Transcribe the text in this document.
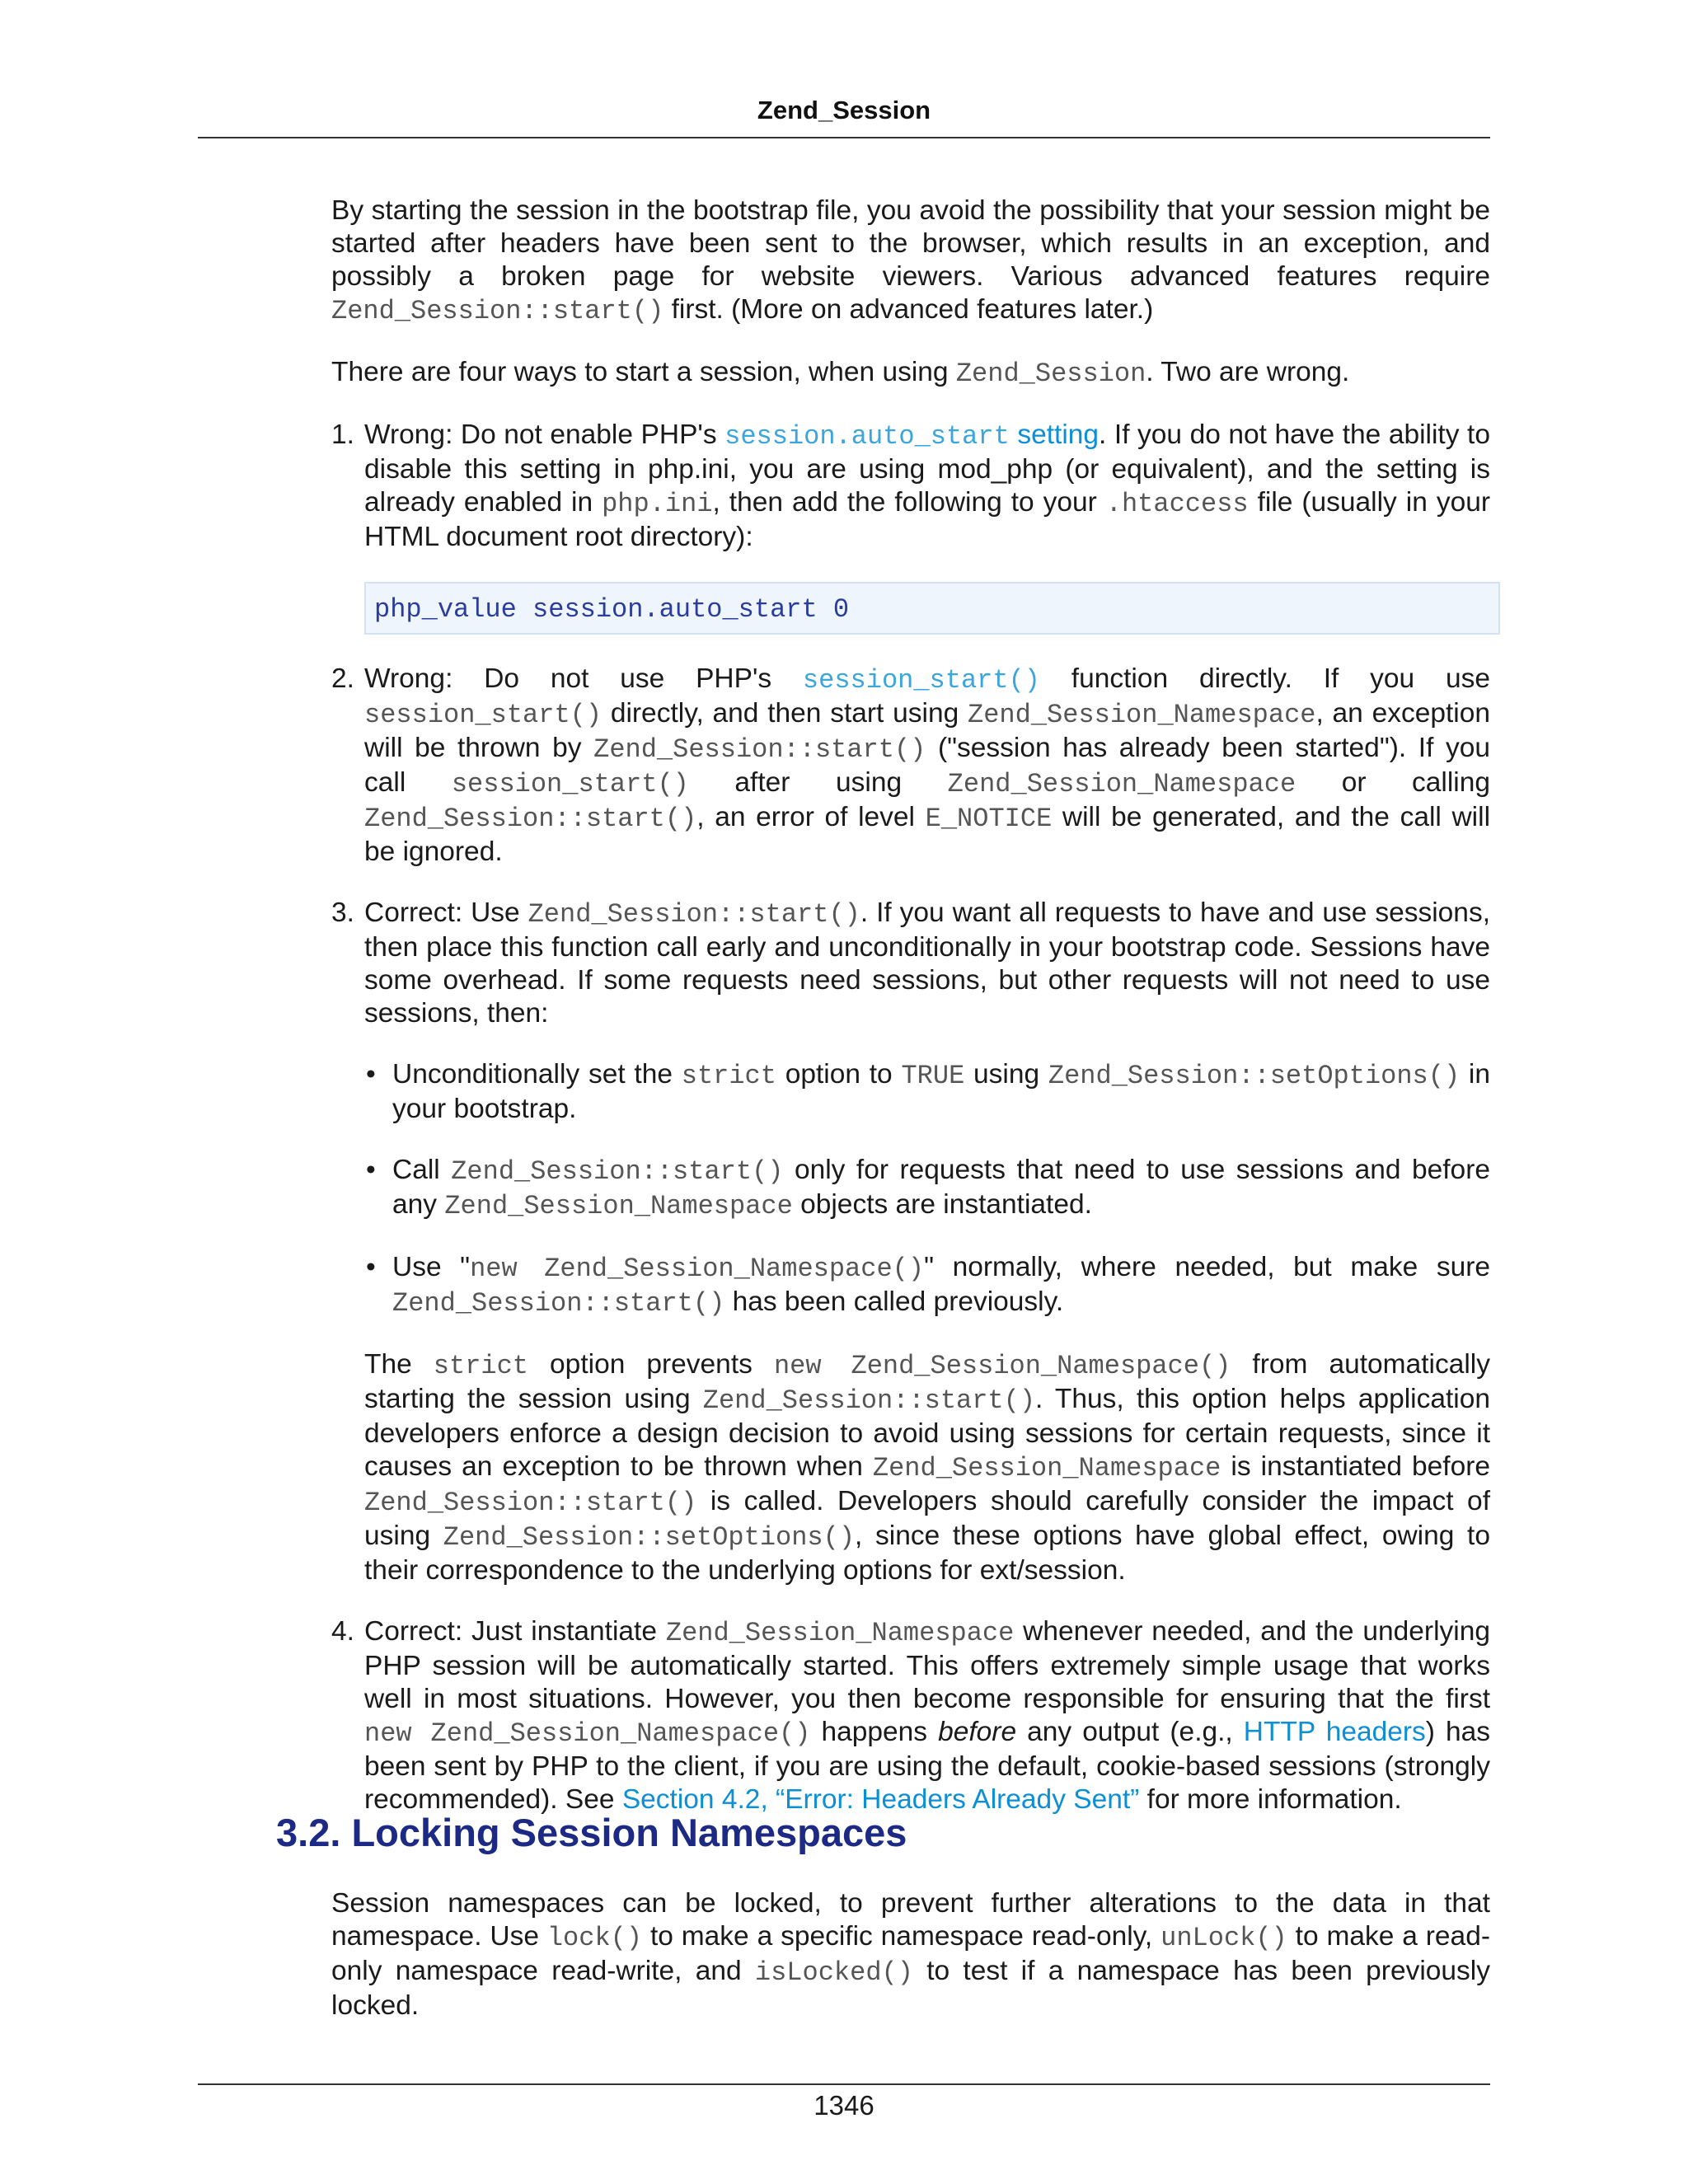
Zend_Session

By starting the session in the bootstrap file, you avoid the possibility that your session might be started after headers have been sent to the browser, which results in an exception, and possibly a broken page for website viewers. Various advanced features require Zend_Session::start() first. (More on advanced features later.)

There are four ways to start a session, when using Zend_Session. Two are wrong.

1. Wrong: Do not enable PHP's session.auto_start setting. If you do not have the ability to disable this setting in php.ini, you are using mod_php (or equivalent), and the setting is already enabled in php.ini, then add the following to your .htaccess file (usually in your HTML document root directory):

php_value session.auto_start 0
2. Wrong: Do not use PHP's session_start() function directly. If you use session_start() directly, and then start using Zend_Session_Namespace, an exception will be thrown by Zend_Session::start() ("session has already been started"). If you call session_start() after using Zend_Session_Namespace or calling Zend_Session::start(), an error of level E_NOTICE will be generated, and the call will be ignored.

3. Correct: Use Zend_Session::start(). If you want all requests to have and use sessions, then place this function call early and unconditionally in your bootstrap code. Sessions have some overhead. If some requests need sessions, but other requests will not need to use sessions, then:

• Unconditionally set the strict option to TRUE using Zend_Session::setOptions() in your bootstrap.
• Call Zend_Session::start() only for requests that need to use sessions and before any Zend_Session_Namespace objects are instantiated.
• Use "new Zend_Session_Namespace()" normally, where needed, but make sure Zend_Session::start() has been called previously.

The strict option prevents new Zend_Session_Namespace() from automatically starting the session using Zend_Session::start(). Thus, this option helps application developers enforce a design decision to avoid using sessions for certain requests, since it causes an exception to be thrown when Zend_Session_Namespace is instantiated before Zend_Session::start() is called. Developers should carefully consider the impact of using Zend_Session::setOptions(), since these options have global effect, owing to their correspondence to the underlying options for ext/session.

4. Correct: Just instantiate Zend_Session_Namespace whenever needed, and the underlying PHP session will be automatically started. This offers extremely simple usage that works well in most situations. However, you then become responsible for ensuring that the first new Zend_Session_Namespace() happens before any output (e.g., HTTP headers) has been sent by PHP to the client, if you are using the default, cookie-based sessions (strongly recommended). See Section 4.2, “Error: Headers Already Sent” for more information.

3.2. Locking Session Namespaces

Session namespaces can be locked, to prevent further alterations to the data in that namespace. Use lock() to make a specific namespace read-only, unLock() to make a read-only namespace read-write, and isLocked() to test if a namespace has been previously locked.

1346
